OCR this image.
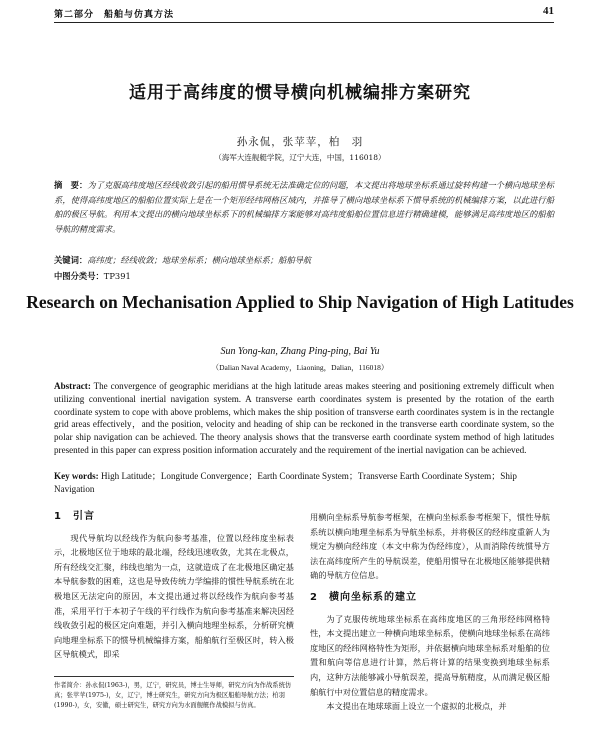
第二部分　船舶与仿真方法	41
适用于高纬度的惯导横向机械编排方案研究
孙永侃，张苹苹，柏　羽
（海军大连舰艇学院，辽宁大连，中国，116018）
摘　要：为了克服高纬度地区经线收敛引起的船用惯导系统无法准确定位的问题，本文提出将地球坐标系通过旋转构建一个横向地球坐标系，使得高纬度地区的船舶位置实际上是在一个矩形经纬网格区域内，并推导了横向地球坐标系下惯导系统的机械编排方案，以此进行船舶的极区导航。利用本文提出的横向地球坐标系下的机械编排方案能够对高纬度船舶位置信息进行精确建模，能够满足高纬度地区的船舶导航的精度需求。
关键词：高纬度；经线收敛；地球坐标系；横向地球坐标系；船舶导航
中图分类号：TP391
Research on Mechanisation Applied to Ship Navigation of High Latitudes
Sun Yong-kan, Zhang Ping-ping, Bai Yu
（Dalian Naval Academy，Liaoning，Dalian，116018）
Abstract: The convergence of geographic meridians at the high latitude areas makes steering and positioning extremely difficult when utilizing conventional inertial navigation system. A transverse earth coordinates system is presented by the rotation of the earth coordinate system to cope with above problems, which makes the ship position of transverse earth coordinates system is in the rectangle grid areas effectively，and the position, velocity and heading of ship can be reckoned in the transverse earth coordinate system, so the polar ship navigation can be achieved. The theory analysis shows that the transverse earth coordinate system method of high latitudes presented in this paper can express position information accurately and the requirement of the inertial navigation can be achieved.
Key words: High Latitude；Longitude Convergence；Earth Coordinate System；Transverse Earth Coordinate System；Ship Navigation
1　引言

现代导航均以经线作为航向参考基准，位置以经纬度坐标表示，北极地区位于地球的最北端，经线迅速收敛，尤其在北极点，所有经线交汇聚，纬线也缩为一点，这就造成了在北极地区确定基本导航参数的困难，这也是导致传统力学编排的惯性导航系统在北极地区无法定向的原因，本文提出通过将以经线作为航向参考基准，采用平行于本初子午线的平行线作为航向参考基准来解决因经线收敛引起的极区定向难题，并引入横向地理坐标系，分析研究横向地理坐标系下的惯导机械编排方案，船舶航行至极区时，转入极区导航模式，即采

用横向坐标系导航参考框架，在横向坐标系参考框架下，惯性导航系统以横向地理坐标系为导航坐标系，并将极区的经纬度重新人为规定为横向经纬度（本文中称为伪经纬度），从而消除传统惯导方法在高纬度所产生的导航误差，使船用惯导在北极地区能够提供精确的导航方位信息。

2　横向坐标系的建立

为了克服传统地球坐标系在高纬度地区的三角形经纬网格特性，本文提出建立一种横向地球坐标系，使横向地球坐标系在高纬度地区的经纬网格特性为矩形，并依据横向地球坐标系对船舶的位置和航向等信息进行计算，然后将计算的结果变换到地球坐标系内，这种方法能够减小导航误差，提高导航精度，从而满足极区船舶航行中对位置信息的精度需求。

本文提出在地球球面上设立一个虚拟的北极点，并

作者简介：孙永侃(1963-)，男，辽宁，研究员，博士生导师，研究方向为作战系统仿真；张苹苹(1975-)，女，辽宁，博士研究生，研究方向为极区船舶导航方法；柏羽(1990-)，女，安徽，硕士研究生，研究方向为水面舰艇作战模拟与仿真。
